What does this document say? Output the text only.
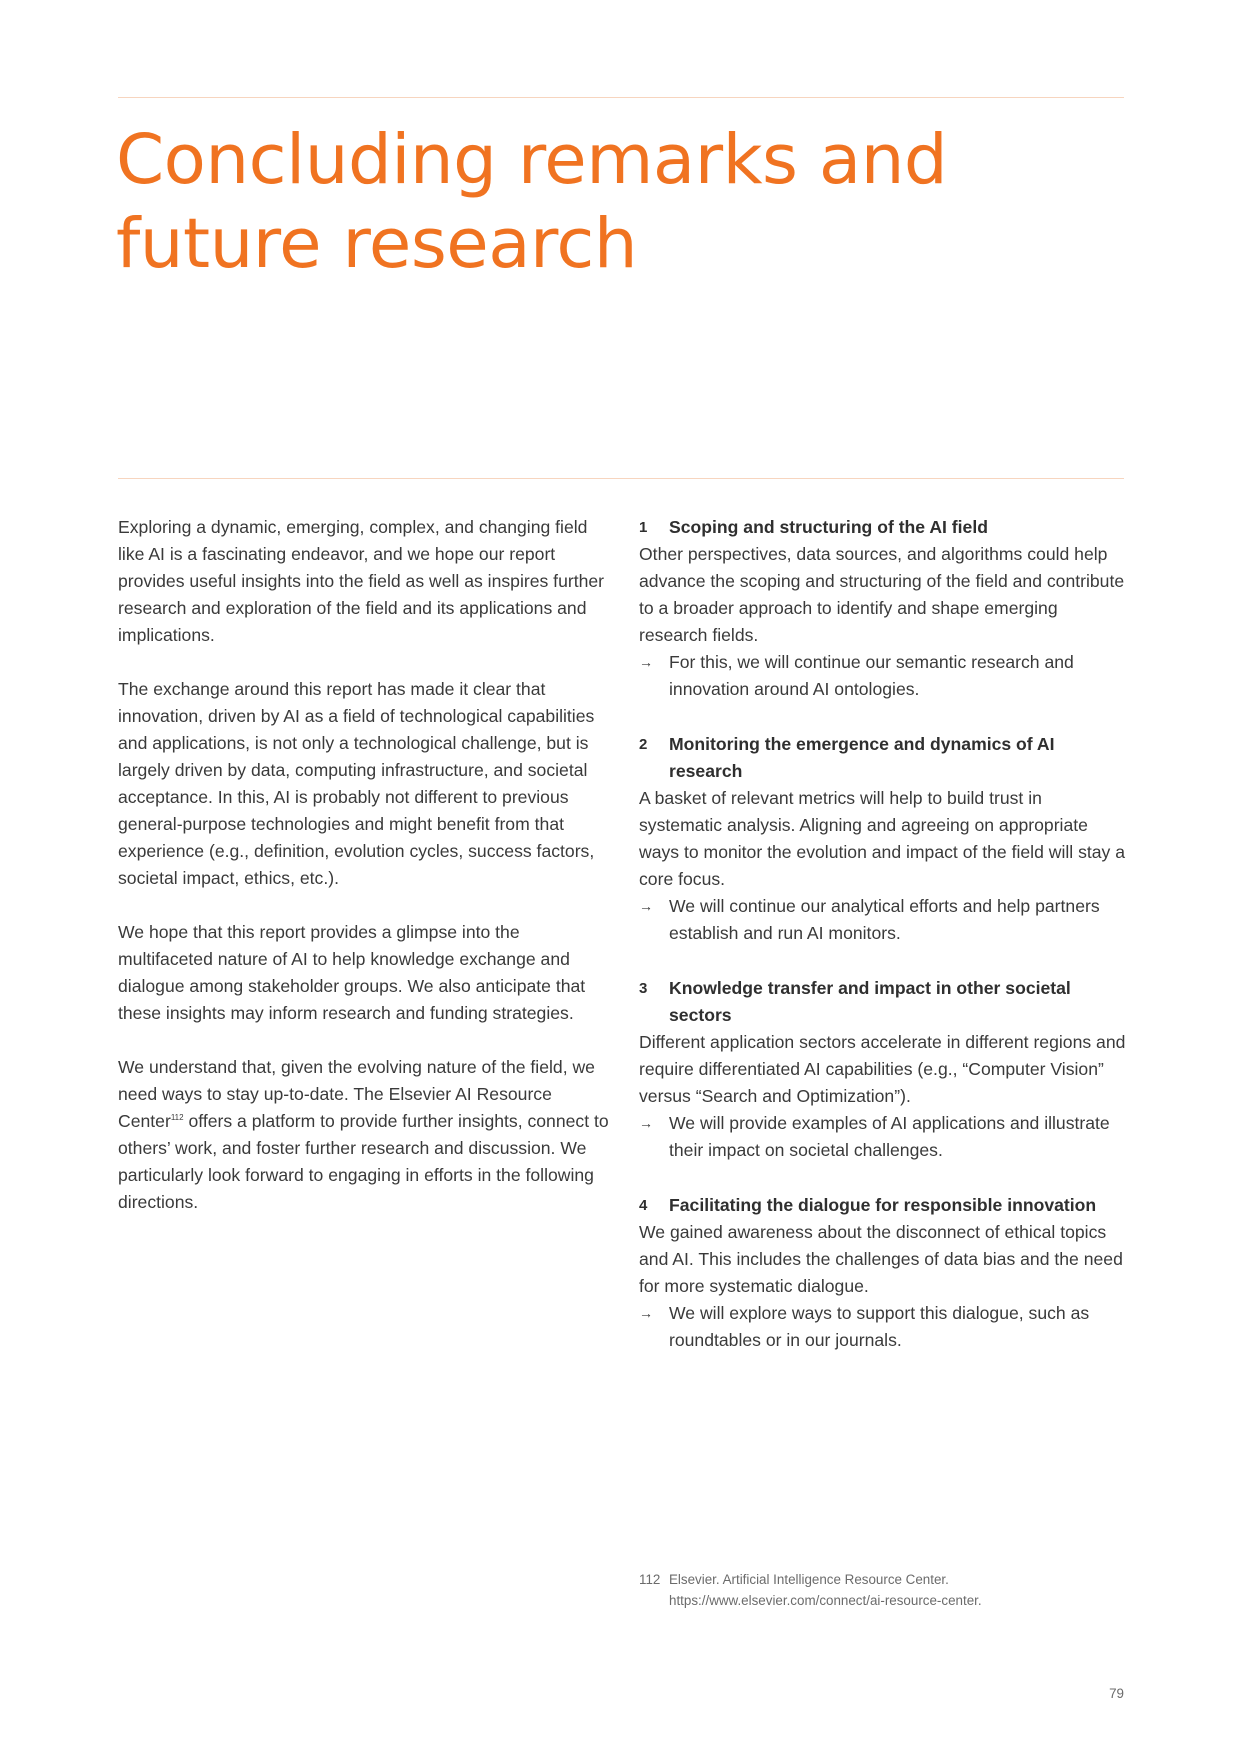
Concluding remarks and future research

Exploring a dynamic, emerging, complex, and changing field like AI is a fascinating endeavor, and we hope our report provides useful insights into the field as well as inspires further research and exploration of the field and its applications and implications.

The exchange around this report has made it clear that innovation, driven by AI as a field of technological capabilities and applications, is not only a technological challenge, but is largely driven by data, computing infrastructure, and societal acceptance. In this, AI is probably not different to previous general-purpose technologies and might benefit from that experience (e.g., definition, evolution cycles, success factors, societal impact, ethics, etc.).

We hope that this report provides a glimpse into the multifaceted nature of AI to help knowledge exchange and dialogue among stakeholder groups. We also anticipate that these insights may inform research and funding strategies.

We understand that, given the evolving nature of the field, we need ways to stay up-to-date. The Elsevier AI Resource Center$^{112}$ offers a platform to provide further insights, connect to others’ work, and foster further research and discussion. We particularly look forward to engaging in efforts in the following directions.

1	Scoping and structuring of the AI field
Other perspectives, data sources, and algorithms could help advance the scoping and structuring of the field and contribute to a broader approach to identify and shape emerging research fields.
→ For this, we will continue our semantic research and innovation around AI ontologies.
2	Monitoring the emergence and dynamics of AI research
A basket of relevant metrics will help to build trust in systematic analysis. Aligning and agreeing on appropriate ways to monitor the evolution and impact of the field will stay a core focus.
→ We will continue our analytical efforts and help partners establish and run AI monitors.
3	Knowledge transfer and impact in other societal sectors
Different application sectors accelerate in different regions and require differentiated AI capabilities (e.g., “Computer Vision” versus “Search and Optimization”).
→ We will provide examples of AI applications and illustrate their impact on societal challenges.
4	Facilitating the dialogue for responsible innovation
We gained awareness about the disconnect of ethical topics and AI. This includes the challenges of data bias and the need for more systematic dialogue.
→ We will explore ways to support this dialogue, such as roundtables or in our journals.
112 Elsevier. Artificial Intelligence Resource Center.
https://www.elsevier.com/connect/ai-resource-center.
79
